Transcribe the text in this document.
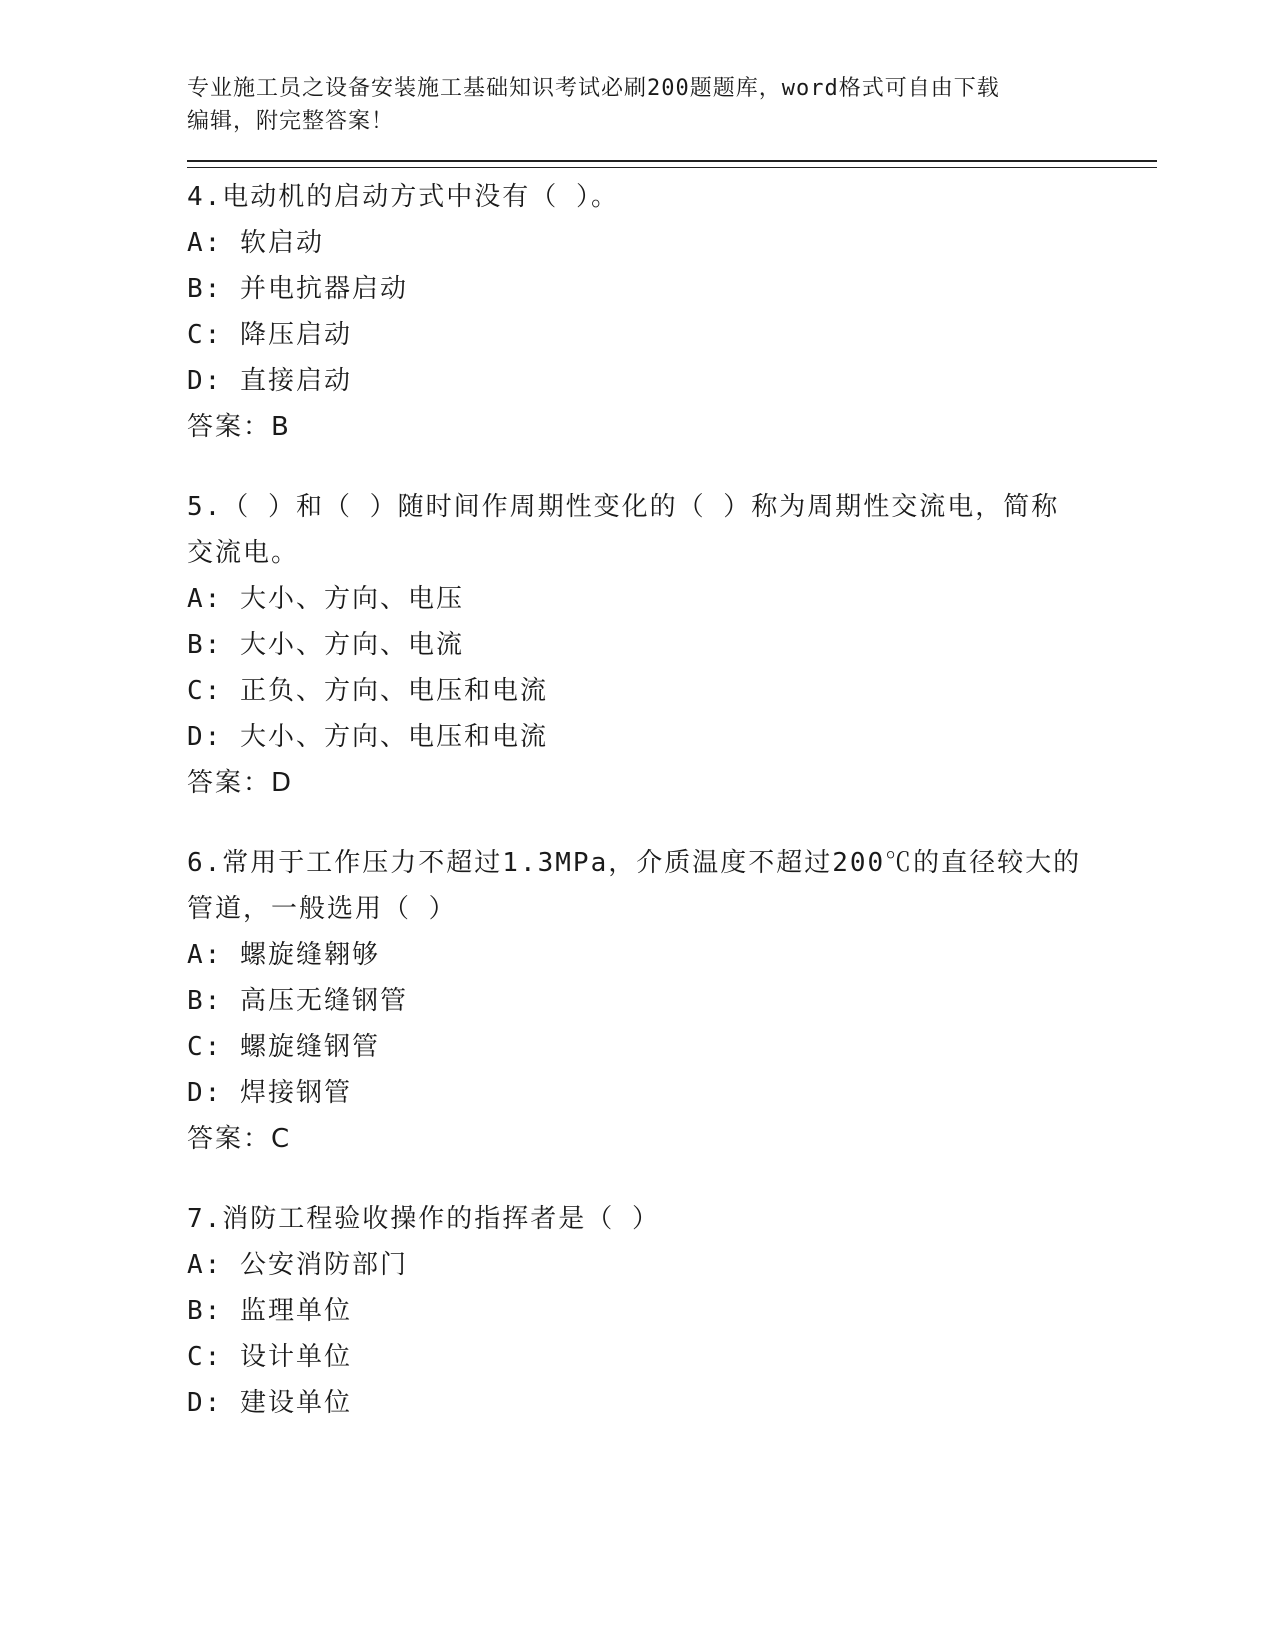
专业施工员之设备安装施工基础知识考试必刷200题题库，word格式可自由下载
编辑，附完整答案！
4.电动机的启动方式中没有（ ）。
A: 软启动
B: 并电抗器启动
C: 降压启动
D: 直接启动
答案：B
5.（ ）和（ ）随时间作周期性变化的（ ）称为周期性交流电，简称交流电。
A: 大小、方向、电压
B: 大小、方向、电流
C: 正负、方向、电压和电流
D: 大小、方向、电压和电流
答案：D
6.常用于工作压力不超过1.3MPa，介质温度不超过200℃的直径较大的管道，一般选用（ ）
A: 螺旋缝翱够
B: 高压无缝钢管
C: 螺旋缝钢管
D: 焊接钢管
答案：C
7.消防工程验收操作的指挥者是（ ）
A: 公安消防部门
B: 监理单位
C: 设计单位
D: 建设单位
